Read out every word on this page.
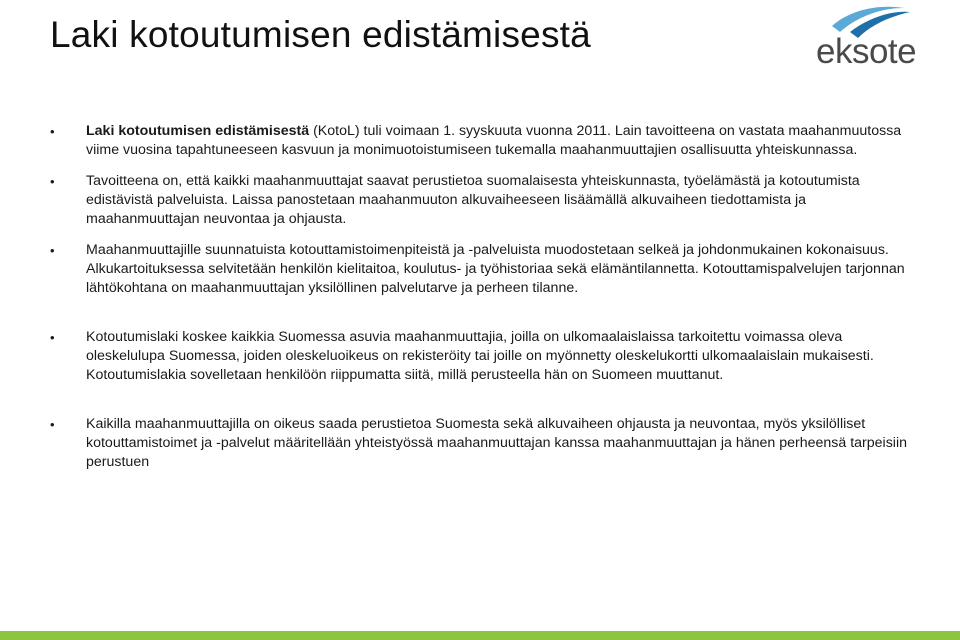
Laki kotoutumisen edistämisestä	eksote
• Laki kotoutumisen edistämisestä (KotoL) tuli voimaan 1. syyskuuta vuonna 2011. Lain tavoitteena on vastata maahanmuutossa viime vuosina tapahtuneeseen kasvuun ja monimuotoistumiseen tukemalla maahanmuuttajien osallisuutta yhteiskunnassa.
• Tavoitteena on, että kaikki maahanmuuttajat saavat perustietoa suomalaisesta yhteiskunnasta, työelämästä ja kotoutumista edistävistä palveluista. Laissa panostetaan maahanmuuton alkuvaiheeseen lisäämällä alkuvaiheen tiedottamista ja maahanmuuttajan neuvontaa ja ohjausta.
• Maahanmuuttajille suunnatuista kotouttamistoimenpiteistä ja -palveluista muodostetaan selkeä ja johdonmukainen kokonaisuus. Alkukartoituksessa selvitetään henkilön kielitaitoa, koulutus- ja työhistoriaa sekä elämäntilannetta. Kotouttamispalvelujen tarjonnan lähtökohtana on maahanmuuttajan yksilöllinen palvelutarve ja perheen tilanne.
• Kotoutumislaki koskee kaikkia Suomessa asuvia maahanmuuttajia, joilla on ulkomaalaislaissa tarkoitettu voimassa oleva oleskelulupa Suomessa, joiden oleskeluoikeus on rekisteröity tai joille on myönnetty oleskelukortti ulkomaalaislain mukaisesti. Kotoutumislakia sovelletaan henkilöön riippumatta siitä, millä perusteella hän on Suomeen muuttanut.
• Kaikilla maahanmuuttajilla on oikeus saada perustietoa Suomesta sekä alkuvaiheen ohjausta ja neuvontaa, myös yksilölliset kotouttamistoimet ja -palvelut määritellään yhteistyössä maahanmuuttajan kanssa maahanmuuttajan ja hänen perheensä tarpeisiin perustuen
